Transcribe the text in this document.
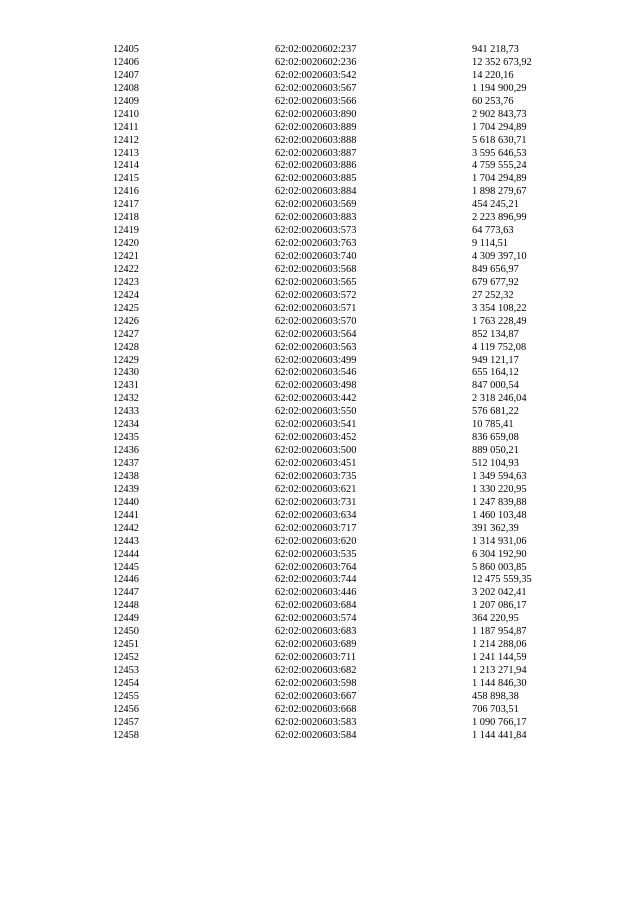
12405	62:02:0020602:237	941 218,73
12406	62:02:0020602:236	12 352 673,92
12407	62:02:0020603:542	14 220,16
12408	62:02:0020603:567	1 194 900,29
12409	62:02:0020603:566	60 253,76
12410	62:02:0020603:890	2 902 843,73
12411	62:02:0020603:889	1 704 294,89
12412	62:02:0020603:888	5 618 630,71
12413	62:02:0020603:887	3 595 646,53
12414	62:02:0020603:886	4 759 555,24
12415	62:02:0020603:885	1 704 294,89
12416	62:02:0020603:884	1 898 279,67
12417	62:02:0020603:569	454 245,21
12418	62:02:0020603:883	2 223 896,99
12419	62:02:0020603:573	64 773,63
12420	62:02:0020603:763	9 114,51
12421	62:02:0020603:740	4 309 397,10
12422	62:02:0020603:568	849 656,97
12423	62:02:0020603:565	679 677,92
12424	62:02:0020603:572	27 252,32
12425	62:02:0020603:571	3 354 108,22
12426	62:02:0020603:570	1 763 228,49
12427	62:02:0020603:564	852 134,87
12428	62:02:0020603:563	4 119 752,08
12429	62:02:0020603:499	949 121,17
12430	62:02:0020603:546	655 164,12
12431	62:02:0020603:498	847 000,54
12432	62:02:0020603:442	2 318 246,04
12433	62:02:0020603:550	576 681,22
12434	62:02:0020603:541	10 785,41
12435	62:02:0020603:452	836 659,08
12436	62:02:0020603:500	889 050,21
12437	62:02:0020603:451	512 104,93
12438	62:02:0020603:735	1 349 594,63
12439	62:02:0020603:621	1 330 220,95
12440	62:02:0020603:731	1 247 839,88
12441	62:02:0020603:634	1 460 103,48
12442	62:02:0020603:717	391 362,39
12443	62:02:0020603:620	1 314 931,06
12444	62:02:0020603:535	6 304 192,90
12445	62:02:0020603:764	5 860 003,85
12446	62:02:0020603:744	12 475 559,35
12447	62:02:0020603:446	3 202 042,41
12448	62:02:0020603:684	1 207 086,17
12449	62:02:0020603:574	364 220,95
12450	62:02:0020603:683	1 187 954,87
12451	62:02:0020603:689	1 214 288,06
12452	62:02:0020603:711	1 241 144,59
12453	62:02:0020603:682	1 213 271,94
12454	62:02:0020603:598	1 144 846,30
12455	62:02:0020603:667	458 898,38
12456	62:02:0020603:668	706 703,51
12457	62:02:0020603:583	1 090 766,17
12458	62:02:0020603:584	1 144 441,84
